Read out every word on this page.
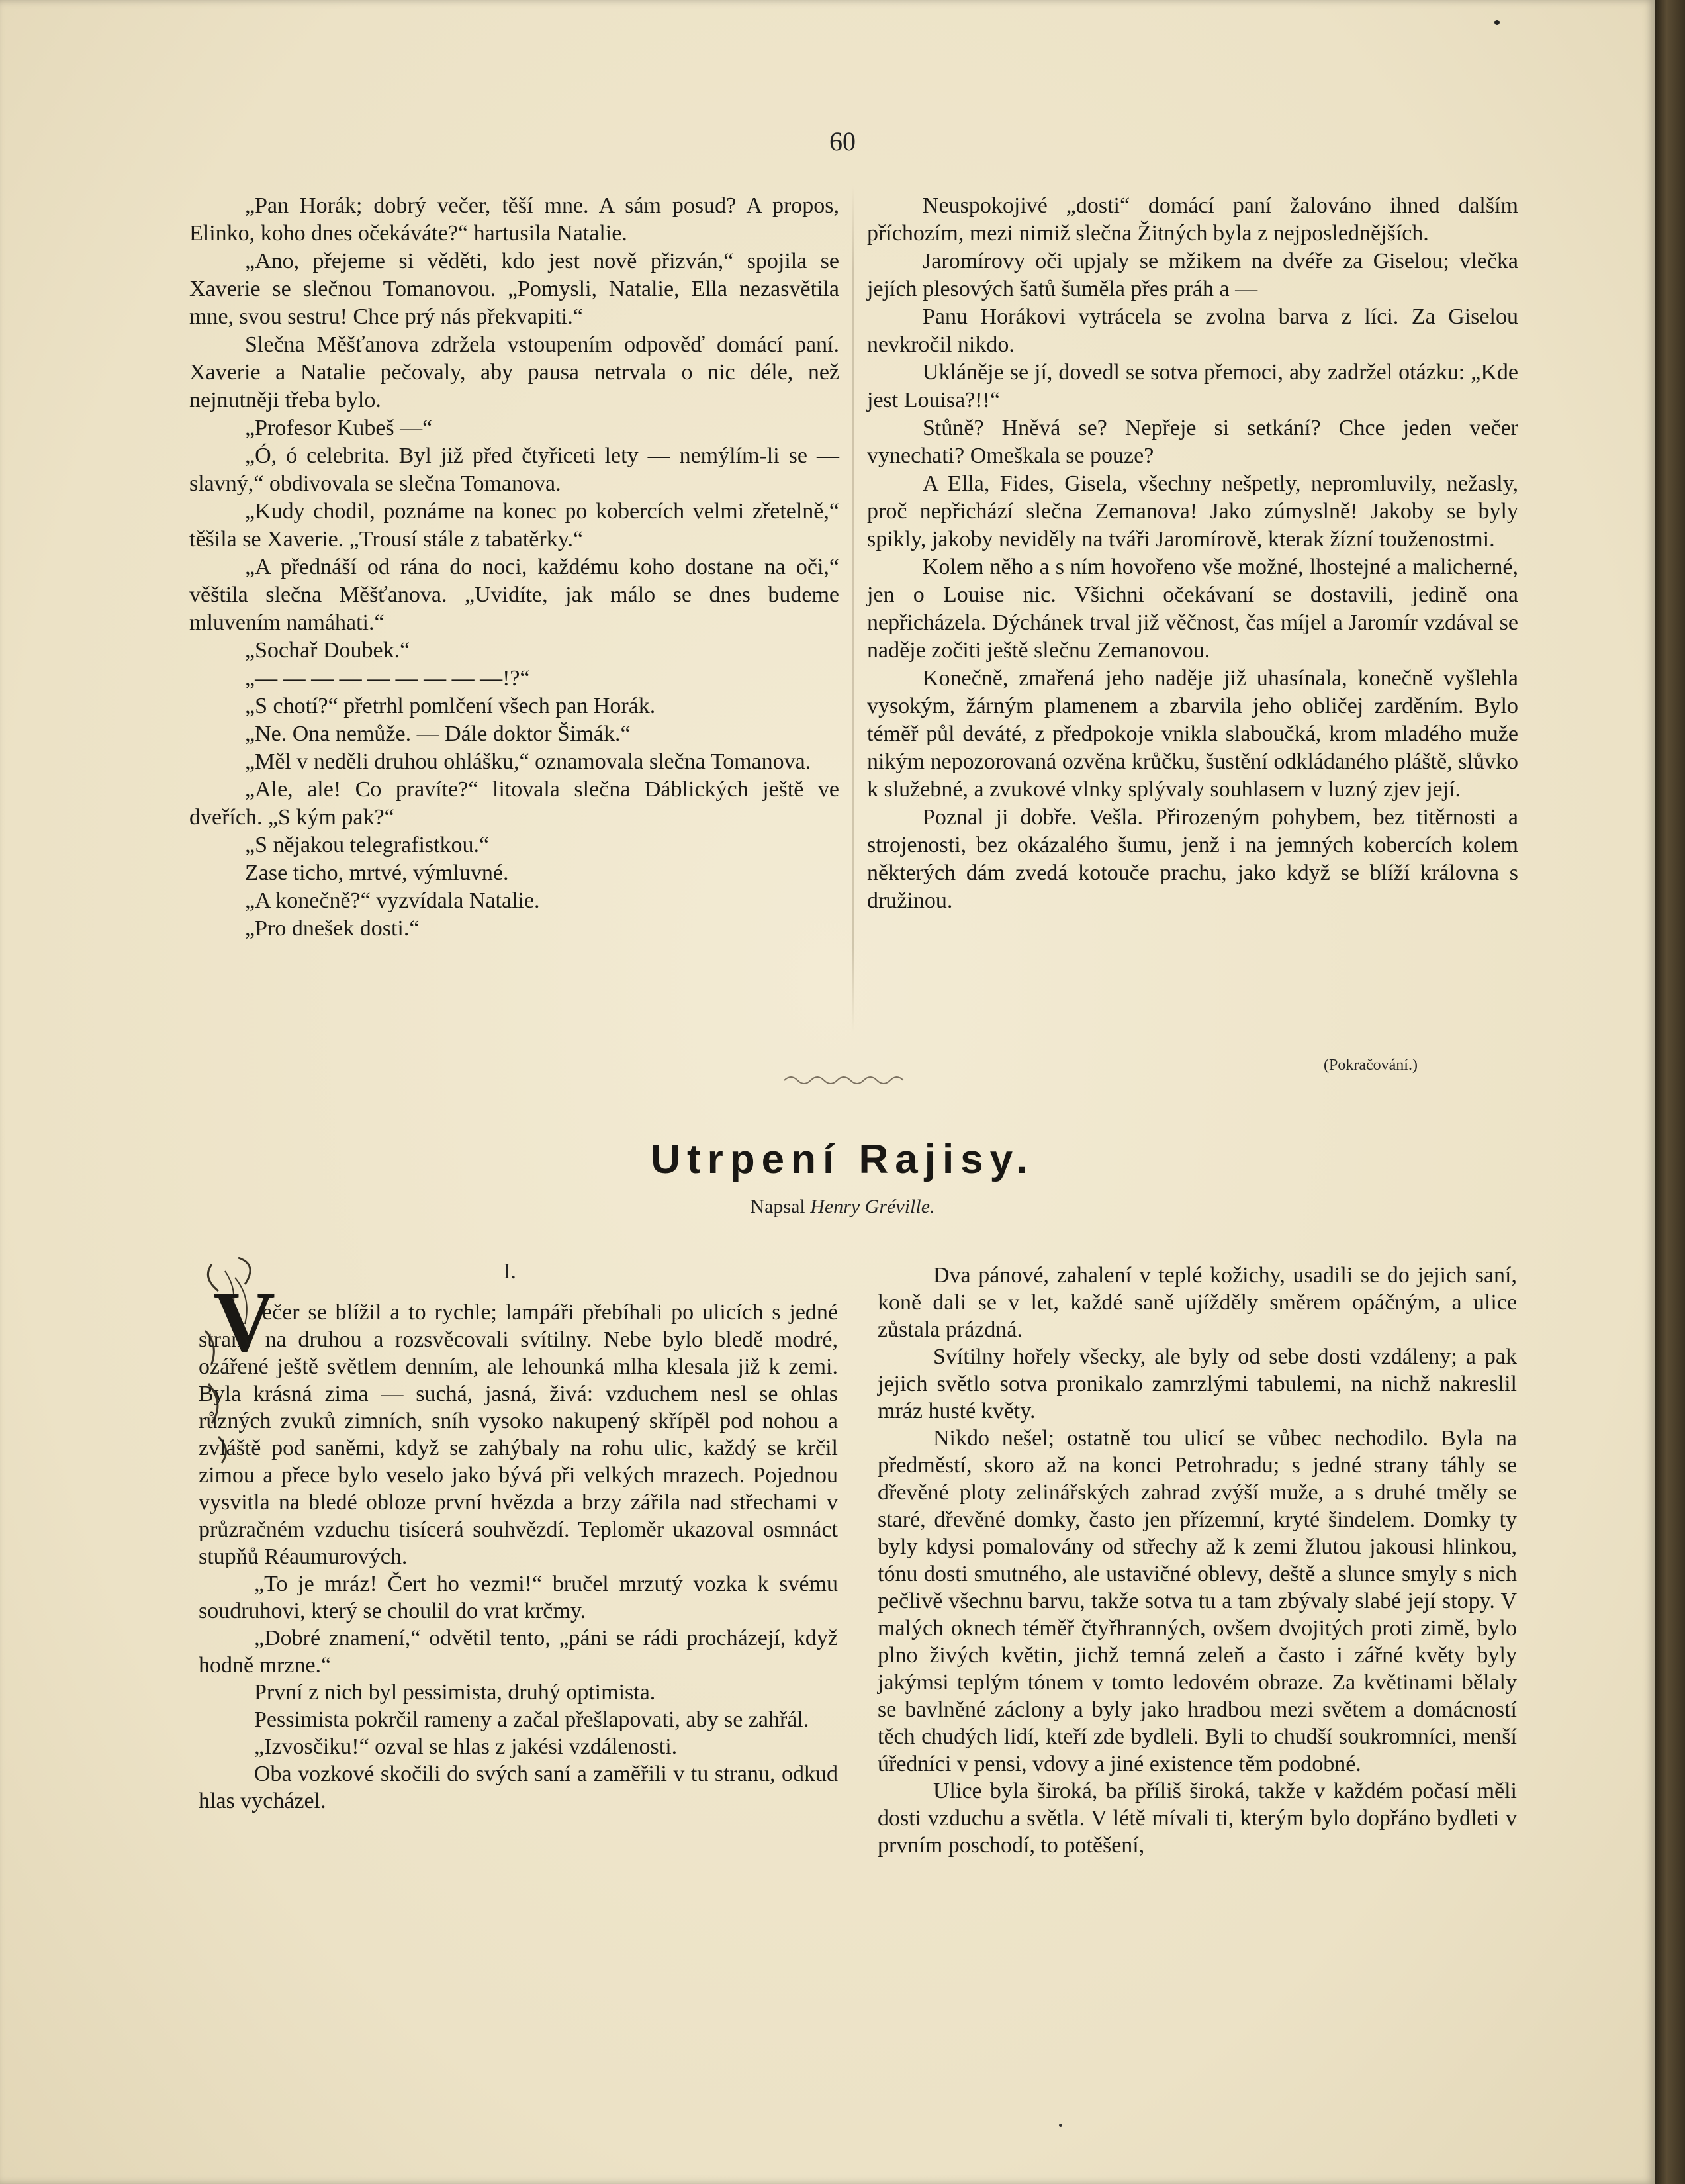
60

„Pan Horák; dobrý večer, těší mne. A sám posud? A propos, Elinko, koho dnes očekáváte?“ hartusila Natalie.

„Ano, přejeme si věděti, kdo jest nově přizván,“ spojila se Xaverie se slečnou Tomanovou. „Pomysli, Natalie, Ella nezasvětila mne, svou sestru! Chce prý nás překvapiti.“

Slečna Měšťanova zdržela vstoupením odpověď domácí paní. Xaverie a Natalie pečovaly, aby pausa netrvala o nic déle, než nejnutněji třeba bylo.

„Profesor Kubeš —“

„Ó, ó celebrita. Byl již před čtyřiceti lety — nemýlím-li se — slavný,“ obdivovala se slečna Tomanova.

„Kudy chodil, poznáme na konec po kobercích velmi zřetelně,“ těšila se Xaverie. „Trousí stále z tabatěrky.“

„A přednáší od rána do noci, každému koho dostane na oči,“ věštila slečna Měšťanova. „Uvidíte, jak málo se dnes budeme mluvením namáhati.“

„Sochař Doubek.“

„— — — — — — — — —!?“

„S chotí?“ přetrhl pomlčení všech pan Horák.

„Ne. Ona nemůže. — Dále doktor Šimák.“

„Měl v neděli druhou ohlášku,“ oznamovala slečna Tomanova.

„Ale, ale! Co pravíte?“ litovala slečna Dáblických ještě ve dveřích. „S kým pak?“

„S nějakou telegrafistkou.“

Zase ticho, mrtvé, výmluvné.

„A konečně?“ vyzvídala Natalie.

„Pro dnešek dosti.“

Neuspokojivé „dosti“ domácí paní žalováno ihned dalším příchozím, mezi nimiž slečna Žitných byla z nejposlednějších.

Jaromírovy oči upjaly se mžikem na dvéře za Giselou; vlečka jejích plesových šatů šuměla přes práh a —

Panu Horákovi vytrácela se zvolna barva z líci. Za Giselou nevkročil nikdo.

Ukláněje se jí, dovedl se sotva přemoci, aby zadržel otázku: „Kde jest Louisa?!!“

Stůně? Hněvá se? Nepřeje si setkání? Chce jeden večer vynechati? Omeškala se pouze?

A Ella, Fides, Gisela, všechny nešpetly, nepromluvily, nežasly, proč nepřichází slečna Zemanova! Jako zúmyslně! Jakoby se byly spikly, jakoby neviděly na tváři Jaromírově, kterak žízní touženostmi.

Kolem něho a s ním hovořeno vše možné, lhostejné a malicherné, jen o Louise nic. Všichni očekávaní se dostavili, jedině ona nepřicházela. Dýchánek trval již věčnost, čas míjel a Jaromír vzdával se naděje zočiti ještě slečnu Zemanovou.

Konečně, zmařená jeho naděje již uhasínala, konečně vyšlehla vysokým, žárným plamenem a zbarvila jeho obličej zarděním. Bylo téměř půl deváté, z předpokoje vnikla slaboučká, krom mladého muže nikým nepozorovaná ozvěna krůčku, šustění odkládaného pláště, slůvko k služebné, a zvukové vlnky splývaly souhlasem v luzný zjev její.

Poznal ji dobře. Vešla. Přirozeným pohybem, bez titěrnosti a strojenosti, bez okázalého šumu, jenž i na jemných kobercích kolem některých dám zvedá kotouče prachu, jako když se blíží královna s družinou.

(Pokračování.)
Utrpení Rajisy.
Napsal Henry Gréville.
I.
V

ečer se blížil a to rychle; lampáři přebíhali po ulicích s jedné strany na druhou a rozsvěcovali svítilny. Nebe bylo bledě modré, ozářené ještě světlem denním, ale lehounká mlha klesala již k zemi. Byla krásná zima — suchá, jasná, živá: vzduchem nesl se ohlas různých zvuků zimních, sníh vysoko nakupený skřípěl pod nohou a zvláště pod saněmi, když se zahýbaly na rohu ulic, každý se krčil zimou a přece bylo veselo jako bývá při velkých mrazech. Pojednou vysvitla na bledé obloze první hvězda a brzy zářila nad střechami v průzračném vzduchu tisícerá souhvězdí. Teploměr ukazoval osmnáct stupňů Réaumurových.

„To je mráz! Čert ho vezmi!“ bručel mrzutý vozka k svému soudruhovi, který se choulil do vrat krčmy.

„Dobré znamení,“ odvětil tento, „páni se rádi procházejí, když hodně mrzne.“

První z nich byl pessimista, druhý optimista.

Pessimista pokrčil rameny a začal přešlapovati, aby se zahřál.

„Izvosčiku!“ ozval se hlas z jakési vzdálenosti.

Oba vozkové skočili do svých saní a zaměřili v tu stranu, odkud hlas vycházel.

Dva pánové, zahalení v teplé kožichy, usadili se do jejich saní, koně dali se v let, každé saně ujížděly směrem opáčným, a ulice zůstala prázdná.

Svítilny hořely všecky, ale byly od sebe dosti vzdáleny; a pak jejich světlo sotva pronikalo zamrzlými tabulemi, na nichž nakreslil mráz husté květy.

Nikdo nešel; ostatně tou ulicí se vůbec nechodilo. Byla na předměstí, skoro až na konci Petrohradu; s jedné strany táhly se dřevěné ploty zelinářských zahrad zvýší muže, a s druhé tměly se staré, dřevěné domky, často jen přízemní, kryté šindelem. Domky ty byly kdysi pomalovány od střechy až k zemi žlutou jakousi hlinkou, tónu dosti smutného, ale ustavičné oblevy, deště a slunce smyly s nich pečlivě všechnu barvu, takže sotva tu a tam zbývaly slabé její stopy. V malých oknech téměř čtyřhranných, ovšem dvojitých proti zimě, bylo plno živých květin, jichž temná zeleň a často i zářné květy byly jakýmsi teplým tónem v tomto ledovém obraze. Za květinami bělaly se bavlněné záclony a byly jako hradbou mezi světem a domácností těch chudých lidí, kteří zde bydleli. Byli to chudší soukromníci, menší úředníci v pensi, vdovy a jiné existence těm podobné.

Ulice byla široká, ba příliš široká, takže v každém počasí měli dosti vzduchu a světla. V létě mívali ti, kterým bylo dopřáno bydleti v prvním poschodí, to potěšení,
